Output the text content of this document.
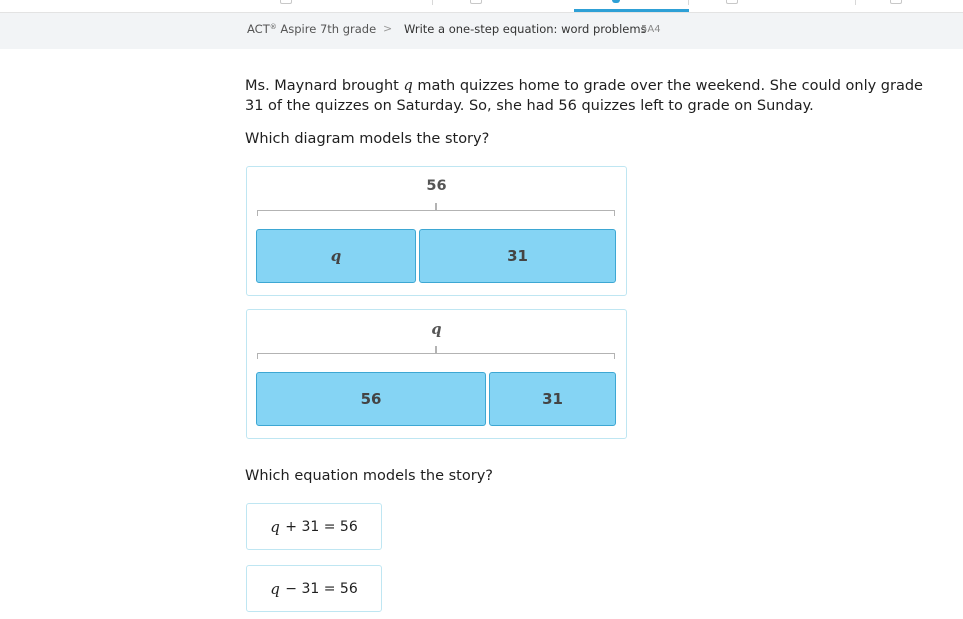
ACT® Aspire 7th grade > Write a one-step equation: word problems
5A4
Ms. Maynard brought q math quizzes home to grade over the weekend. She could only grade 31 of the quizzes on Saturday. So, she had 56 quizzes left to grade on Sunday.
Which diagram models the story?
56
q	31
q
56	31
Which equation models the story?
q + 31 = 56
q − 31 = 56
